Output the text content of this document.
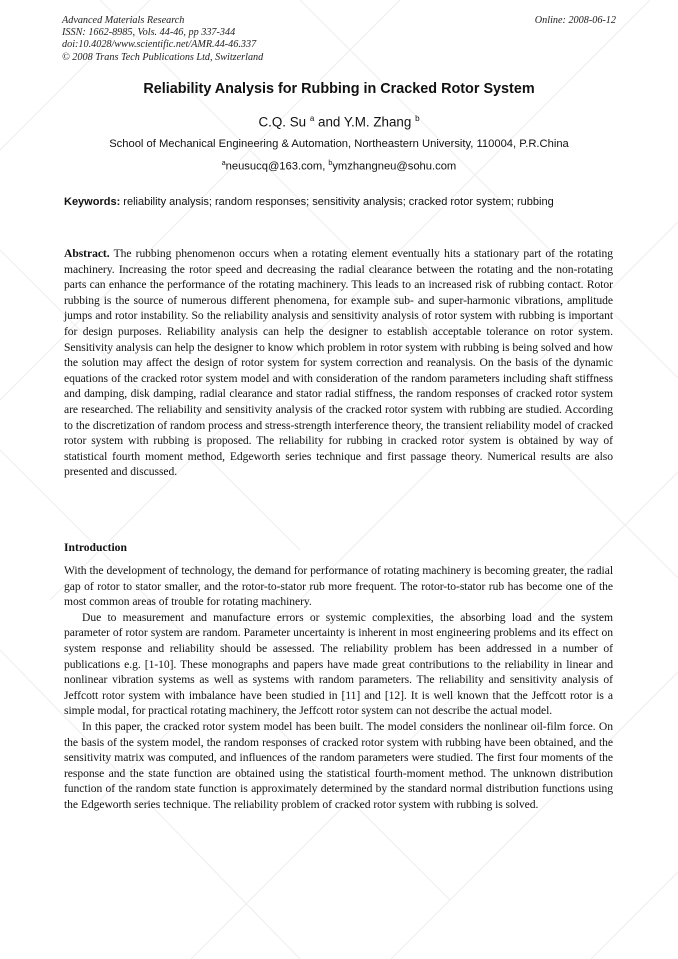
Advanced Materials Research
ISSN: 1662-8985, Vols. 44-46, pp 337-344
doi:10.4028/www.scientific.net/AMR.44-46.337
© 2008 Trans Tech Publications Ltd, Switzerland
Online: 2008-06-12
Reliability Analysis for Rubbing in Cracked Rotor System
C.Q. Su $^a$ and Y.M. Zhang $^b$
School of Mechanical Engineering & Automation, Northeastern University, 110004, P.R.China
$^a$neusucq@163.com, $^b$ymzhangneu@sohu.com
Keywords: reliability analysis; random responses; sensitivity analysis; cracked rotor system; rubbing
Abstract. The rubbing phenomenon occurs when a rotating element eventually hits a stationary part of the rotating machinery. Increasing the rotor speed and decreasing the radial clearance between the rotating and the non-rotating parts can enhance the performance of the rotating machinery. This leads to an increased risk of rubbing contact. Rotor rubbing is the source of numerous different phenomena, for example sub- and super-harmonic vibrations, amplitude jumps and rotor instability. So the reliability analysis and sensitivity analysis of rotor system with rubbing is important for design purposes. Reliability analysis can help the designer to establish acceptable tolerance on rotor system. Sensitivity analysis can help the designer to know which problem in rotor system with rubbing is being solved and how the solution may affect the design of rotor system for system correction and reanalysis. On the basis of the dynamic equations of the cracked rotor system model and with consideration of the random parameters including shaft stiffness and damping, disk damping, radial clearance and stator radial stiffness, the random responses of cracked rotor system are researched. The reliability and sensitivity analysis of the cracked rotor system with rubbing are studied. According to the discretization of random process and stress-strength interference theory, the transient reliability model of cracked rotor system with rubbing is proposed. The reliability for rubbing in cracked rotor system is obtained by way of statistical fourth moment method, Edgeworth series technique and first passage theory. Numerical results are also presented and discussed.
Introduction

With the development of technology, the demand for performance of rotating machinery is becoming greater, the radial gap of rotor to stator smaller, and the rotor-to-stator rub more frequent. The rotor-to-stator rub has become one of the most common areas of trouble for rotating machinery.

Due to measurement and manufacture errors or systemic complexities, the absorbing load and the system parameter of rotor system are random. Parameter uncertainty is inherent in most engineering problems and its effect on system response and reliability should be assessed. The reliability problem has been addressed in a number of publications e.g. [1-10]. These monographs and papers have made great contributions to the reliability in linear and nonlinear vibration systems as well as systems with random parameters. The reliability and sensitivity analysis of Jeffcott rotor system with imbalance have been studied in [11] and [12]. It is well known that the Jeffcott rotor is a simple modal, for practical rotating machinery, the Jeffcott rotor system can not describe the actual model.

In this paper, the cracked rotor system model has been built. The model considers the nonlinear oil-film force. On the basis of the system model, the random responses of cracked rotor system with rubbing have been obtained, and the sensitivity matrix was computed, and influences of the random parameters were studied. The first four moments of the response and the state function are obtained using the statistical fourth-moment method. The unknown distribution function of the random state function is approximately determined by the standard normal distribution functions using the Edgeworth series technique. The reliability problem of cracked rotor system with rubbing is solved.
